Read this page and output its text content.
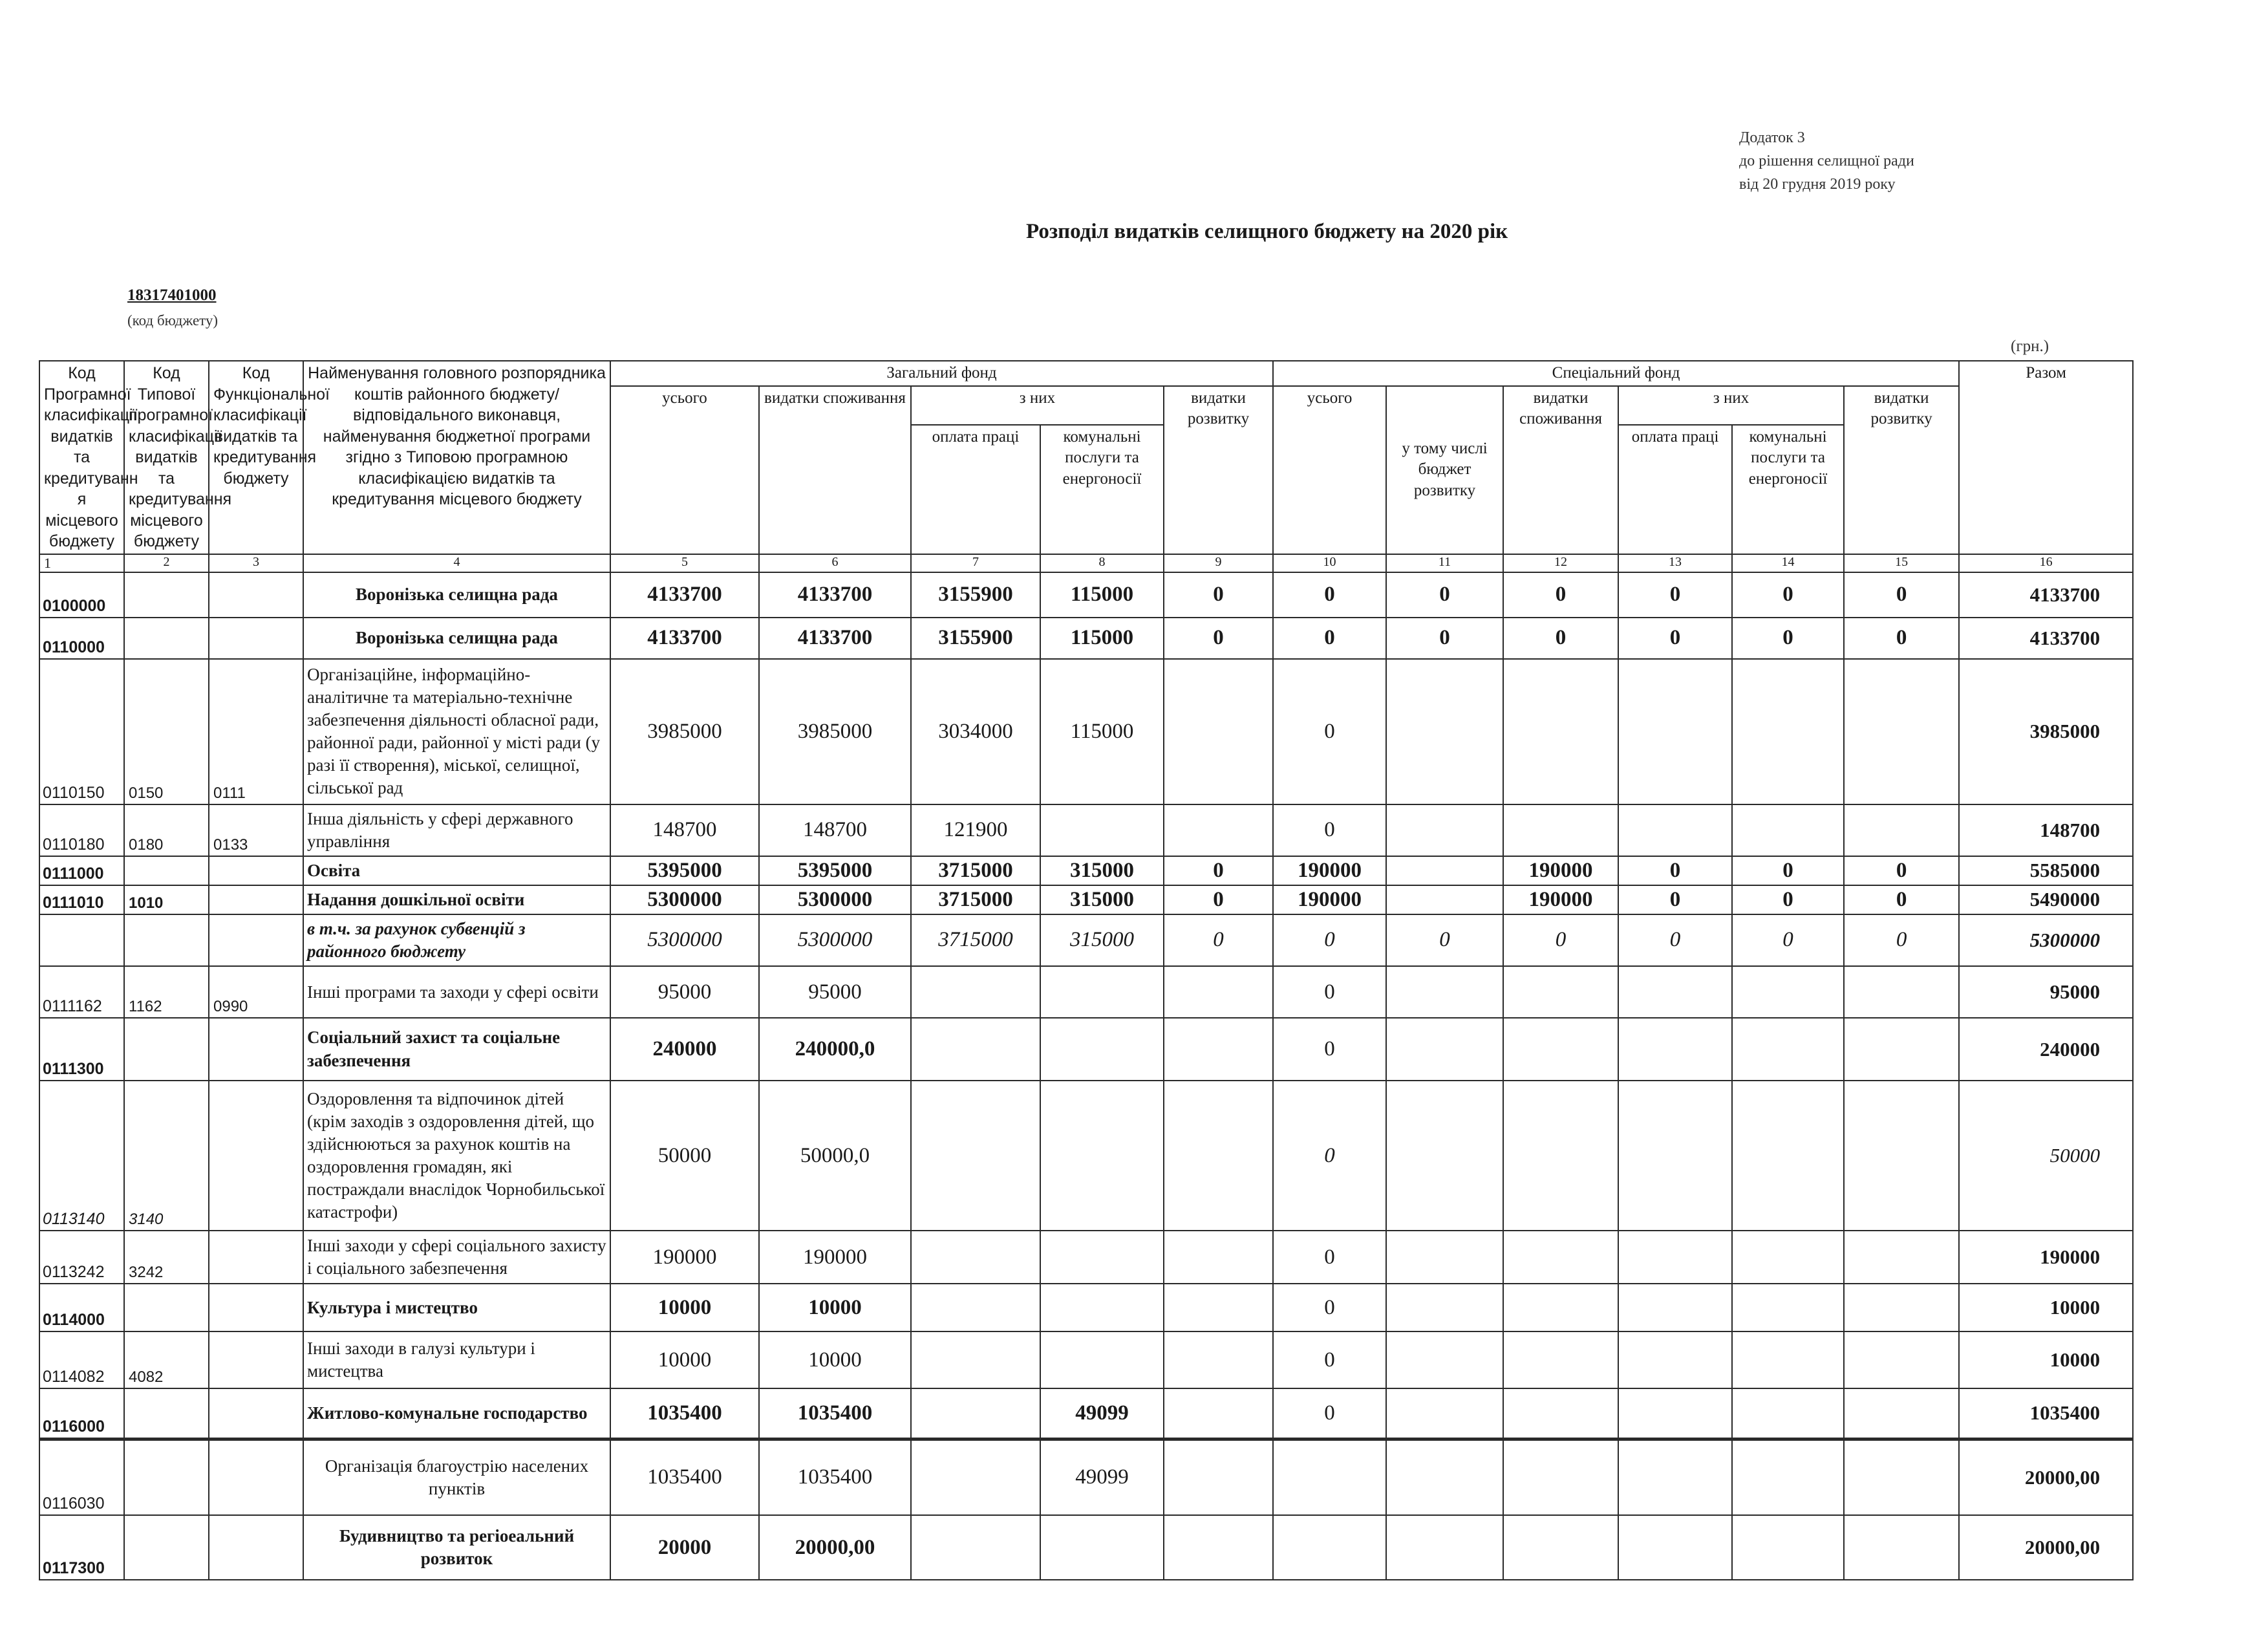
Додаток 3
до рішення селищної ради
від 20 грудня 2019 року
Розподіл видатків селищного бюджету на 2020 рік
18317401000
(код бюджету)
(грн.)
Код Програмної класифікації видатків та кредитуванн я місцевого бюджету	Код Типової програмної класифікації видатків та кредитування місцевого бюджету	Код Функціональної класифікації видатків та кредитування бюджету	Найменування головного розпорядника коштів районного бюджету/відповідального виконавця, найменування бюджетної програми згідно з Типовою програмною класифікацією видатків та кредитування місцевого бюджету	Загальний фонд					Спеціальний фонд						Разом
				усього	видатки споживання	з них		видатки розвитку	усього	у тому числі бюджет розвитку	видатки споживання	з них		видатки розвитку	
						оплата праці	комунальні послуги та енергоносії					оплата праці	комунальні послуги та енергоносії		
1	2	3	4	5	6	7	8	9	10	11	12	13	14	15	16
0100000			Воронізька селищна рада	4133700	4133700	3155900	115000	0	0	0	0	0	0	0	4133700
0110000			Воронізька селищна рада	4133700	4133700	3155900	115000	0	0	0	0	0	0	0	4133700
0110150	0150	0111	Організаційне, інформаційно-аналітичне та матеріально-технічне забезпечення діяльності обласної ради, районної ради, районної у місті ради (у разі її створення), міської, селищної, сільської рад	3985000	3985000	3034000	115000		0						3985000
0110180	0180	0133	Інша діяльність у сфері державного управління	148700	148700	121900			0						148700
0111000			Освіта	5395000	5395000	3715000	315000	0	190000		190000	0	0	0	5585000
0111010	1010		Надання дошкільної освіти	5300000	5300000	3715000	315000	0	190000		190000	0	0	0	5490000
			в т.ч. за рахунок субвенцій з районного бюджету	5300000	5300000	3715000	315000	0	0	0	0	0	0	0	5300000
0111162	1162	0990	Інші програми та заходи у сфері освіти	95000	95000				0						95000
0111300			Соціальний захист та соціальне забезпечення	240000	240000,0				0						240000
0113140	3140		Оздоровлення та відпочинок дітей (крім заходів з оздоровлення дітей, що здійснюються за рахунок коштів на оздоровлення громадян, які постраждали внаслідок Чорнобильської катастрофи)	50000	50000,0				0						50000
0113242	3242		Інші заходи у сфері соціального захисту і соціального забезпечення	190000	190000				0						190000
0114000			Культура і мистецтво	10000	10000				0						10000
0114082	4082		Інші заходи в галузі культури і мистецтва	10000	10000				0						10000
0116000			Житлово-комунальне господарство	1035400	1035400		49099		0						1035400
0116030			Організація благоустрію населених пунктів	1035400	1035400		49099								20000,00
0117300			Будивництво та регіоеальний розвиток	20000	20000,00										20000,00
